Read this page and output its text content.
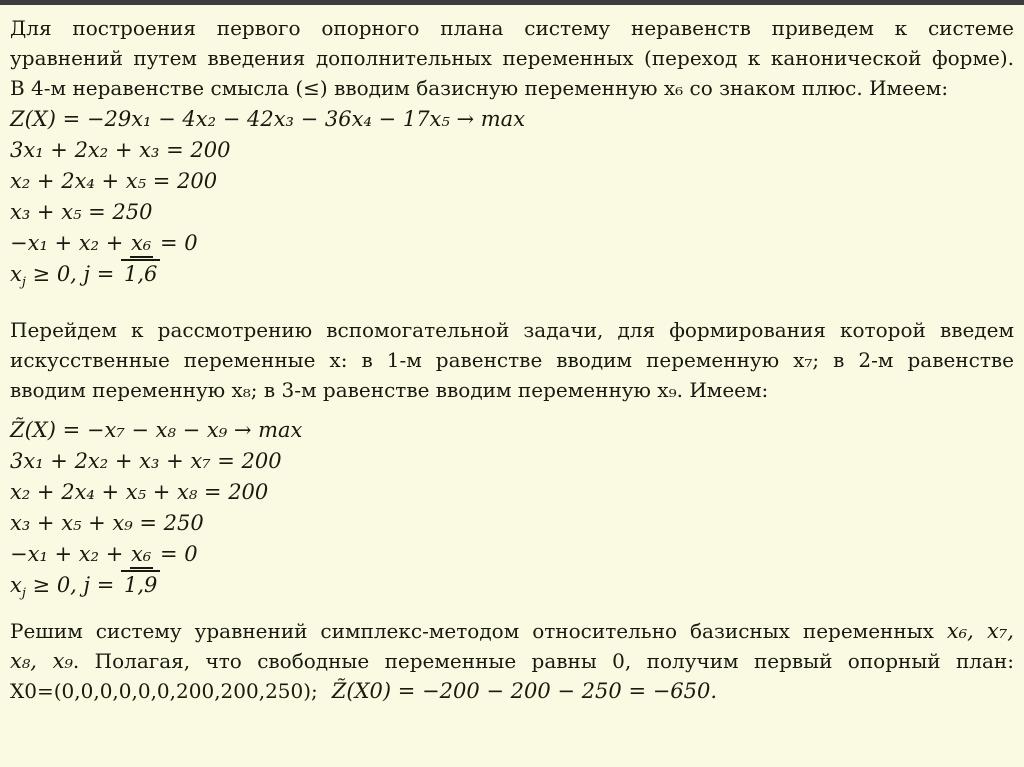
Для построения первого опорного плана систему неравенств приведем к системе
уравнений путем введения дополнительных переменных (переход к канонической форме).
В 4-м неравенстве смысла (≤) вводим базисную переменную x₆ со знаком плюс. Имеем:
Z(X) = −29x₁ − 4x₂ − 42x₃ − 36x₄ − 17x₅ → max
3x₁ + 2x₂ + x₃ = 200
x₂ + 2x₄ + x₅ = 200
x₃ + x₅ = 250
−x₁ + x₂ + x₆ = 0
$x_j \ge 0$, j = 1,6
Перейдем к рассмотрению вспомогательной задачи, для формирования которой введем
искусственные переменные x: в 1-м равенстве вводим переменную x₇; в 2-м равенстве
вводим переменную x₈; в 3-м равенстве вводим переменную x₉. Имеем:
Z̃(X) = −x₇ − x₈ − x₉ → max
3x₁ + 2x₂ + x₃ + x₇ = 200
x₂ + 2x₄ + x₅ + x₈ = 200
x₃ + x₅ + x₉ = 250
−x₁ + x₂ + x₆ = 0
$x_j \ge 0$, j = 1,9
Решим систему уравнений симплекс-методом относительно базисных переменных x₆, x₇,
x₈, x₉. Полагая, что свободные переменные равны 0, получим первый опорный план:
X0=(0,0,0,0,0,0,200,200,250); Z̃(X0) = −200 − 200 − 250 = −650.
